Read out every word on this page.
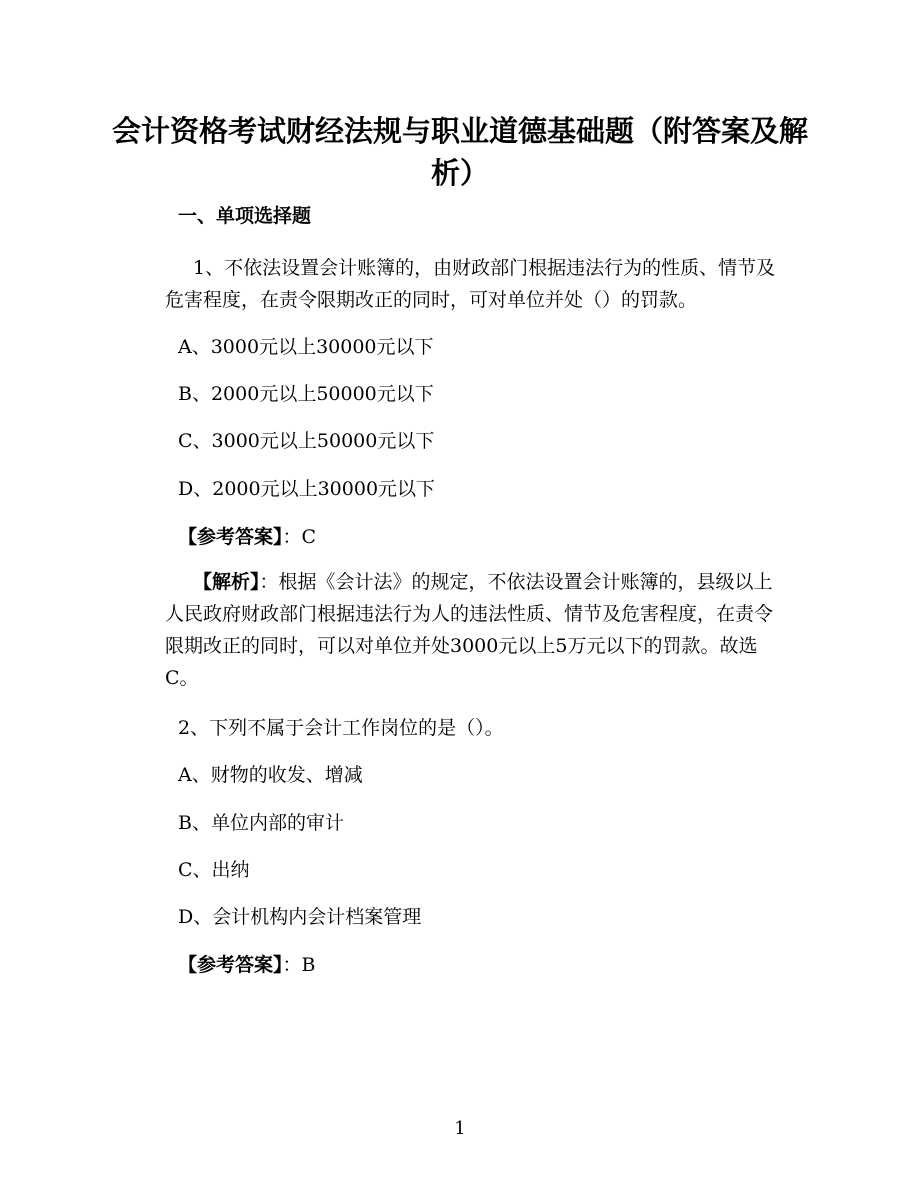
会计资格考试财经法规与职业道德基础题（附答案及解析）
一、单项选择题

1、不依法设置会计账簿的，由财政部门根据违法行为的性质、情节及危害程度，在责令限期改正的同时，可对单位并处（）的罚款。

A、3000元以上30000元以下
B、2000元以上50000元以下
C、3000元以上50000元以下
D、2000元以上30000元以下
【参考答案】：C

【解析】：根据《会计法》的规定，不依法设置会计账簿的，县级以上人民政府财政部门根据违法行为人的违法性质、情节及危害程度，在责令限期改正的同时，可以对单位并处3000元以上5万元以下的罚款。故选C。

2、下列不属于会计工作岗位的是（）。
A、财物的收发、增减
B、单位内部的审计
C、出纳
D、会计机构内会计档案管理
【参考答案】：B
1
